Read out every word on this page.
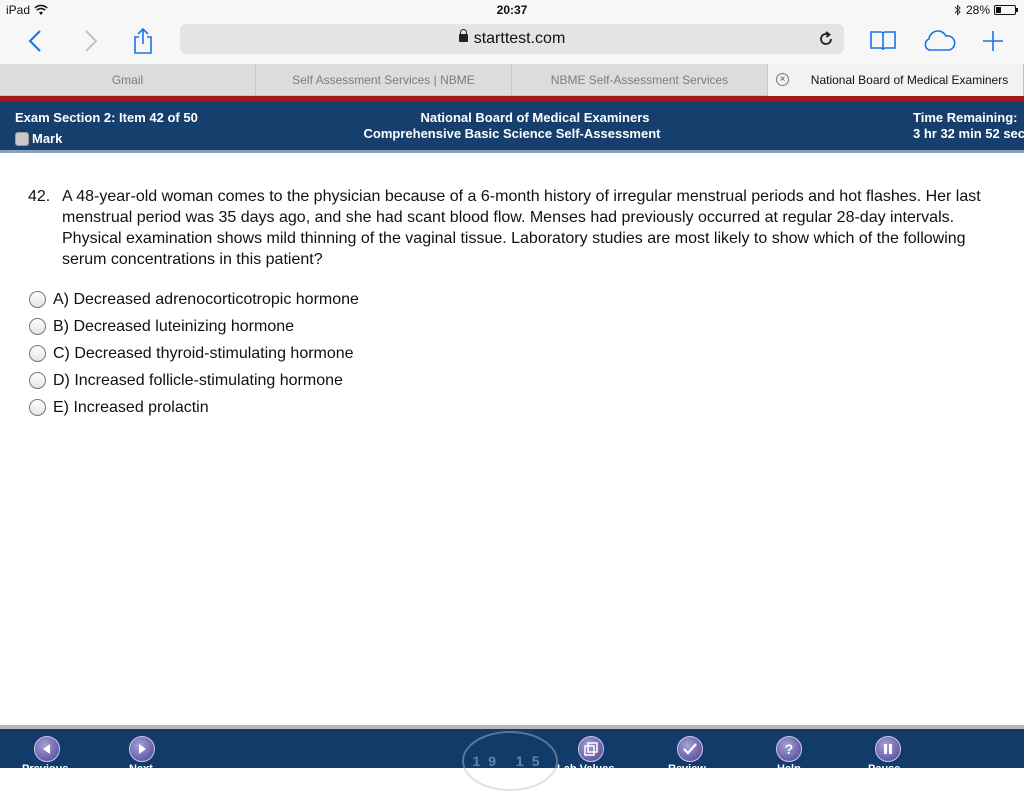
iPad	20:37	28%
starttest.com
Gmail	Self Assessment Services | NBME	NBME Self-Assessment Services	×	National Board of Medical Examiners
Exam Section 2: Item 42 of 50
Mark
National Board of Medical Examiners
Comprehensive Basic Science Self-Assessment
Time Remaining:
3 hr 32 min 52 sec
42. A 48-year-old woman comes to the physician because of a 6-month history of irregular menstrual periods and hot flashes. Her last menstrual period was 35 days ago, and she had scant blood flow. Menses had previously occurred at regular 28-day intervals. Physical examination shows mild thinning of the vaginal tissue. Laboratory studies are most likely to show which of the following serum concentrations in this patient?

A) Decreased adrenocorticotropic hormone
B) Decreased luteinizing hormone
C) Decreased thyroid-stimulating hormone
D) Increased follicle-stimulating hormone
E) Increased prolactin
19 15
Previous	Next	Lab Values	Review
?
Help	Pause
